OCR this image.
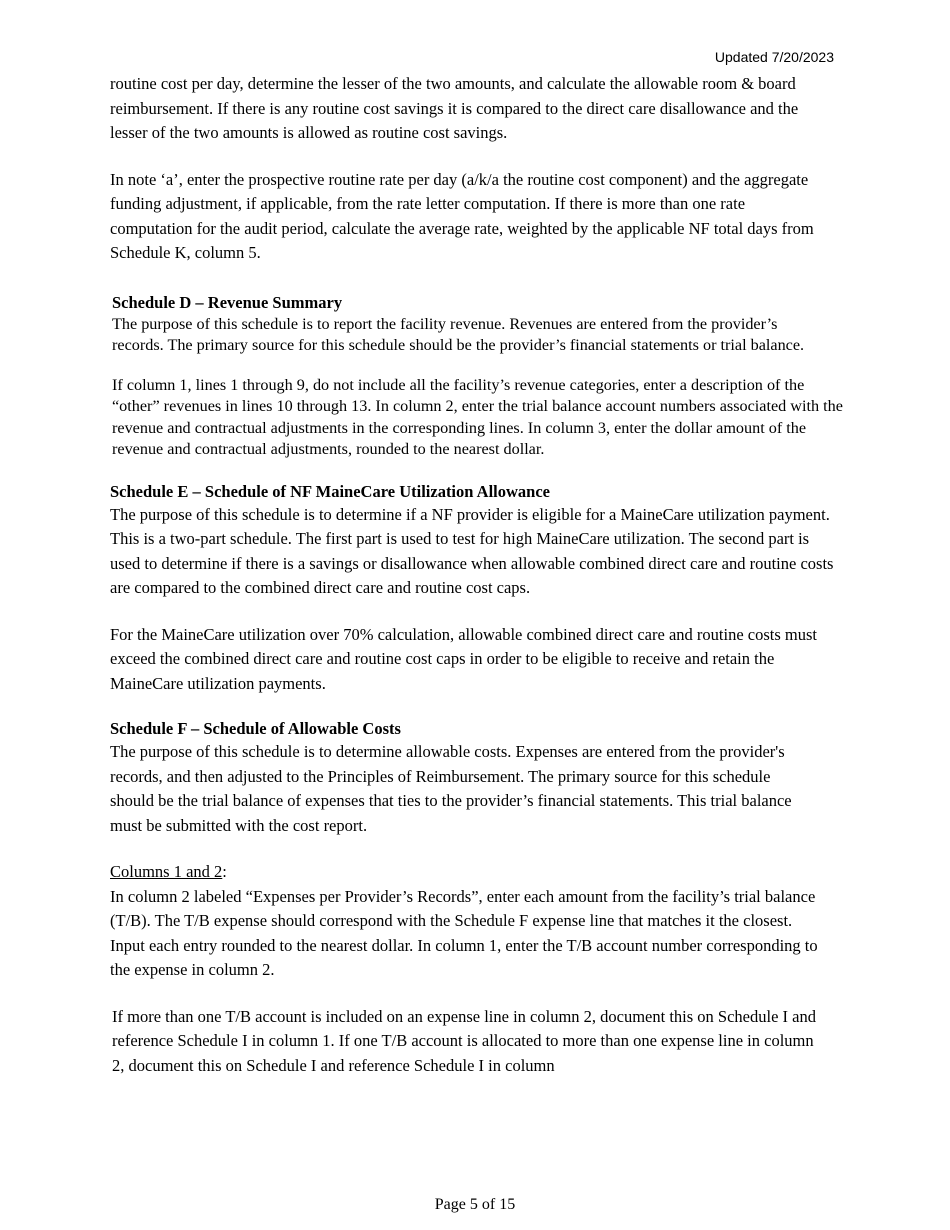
Updated 7/20/2023

routine cost per day, determine the lesser of the two amounts, and calculate the allowable room & board reimbursement. If there is any routine cost savings it is compared to the direct care disallowance and the lesser of the two amounts is allowed as routine cost savings.

In note ‘a’, enter the prospective routine rate per day (a/k/a the routine cost component) and the aggregate funding adjustment, if applicable, from the rate letter computation. If there is more than one rate computation for the audit period, calculate the average rate, weighted by the applicable NF total days from Schedule K, column 5.

Schedule D – Revenue Summary

The purpose of this schedule is to report the facility revenue. Revenues are entered from the provider’s records. The primary source for this schedule should be the provider’s financial statements or trial balance.

If column 1, lines 1 through 9, do not include all the facility’s revenue categories, enter a description of the “other” revenues in lines 10 through 13. In column 2, enter the trial balance account numbers associated with the revenue and contractual adjustments in the corresponding lines. In column 3, enter the dollar amount of the revenue and contractual adjustments, rounded to the nearest dollar.

Schedule E – Schedule of NF MaineCare Utilization Allowance

The purpose of this schedule is to determine if a NF provider is eligible for a MaineCare utilization payment. This is a two-part schedule. The first part is used to test for high MaineCare utilization. The second part is used to determine if there is a savings or disallowance when allowable combined direct care and routine costs are compared to the combined direct care and routine cost caps.

For the MaineCare utilization over 70% calculation, allowable combined direct care and routine costs must exceed the combined direct care and routine cost caps in order to be eligible to receive and retain the MaineCare utilization payments.

Schedule F – Schedule of Allowable Costs

The purpose of this schedule is to determine allowable costs. Expenses are entered from the provider's records, and then adjusted to the Principles of Reimbursement. The primary source for this schedule should be the trial balance of expenses that ties to the provider’s financial statements. This trial balance must be submitted with the cost report.

Columns 1 and 2:

In column 2 labeled “Expenses per Provider’s Records”, enter each amount from the facility’s trial balance (T/B). The T/B expense should correspond with the Schedule F expense line that matches it the closest. Input each entry rounded to the nearest dollar. In column 1, enter the T/B account number corresponding to the expense in column 2.

If more than one T/B account is included on an expense line in column 2, document this on Schedule I and reference Schedule I in column 1. If one T/B account is allocated to more than one expense line in column 2, document this on Schedule I and reference Schedule I in column

Page 5 of 15
